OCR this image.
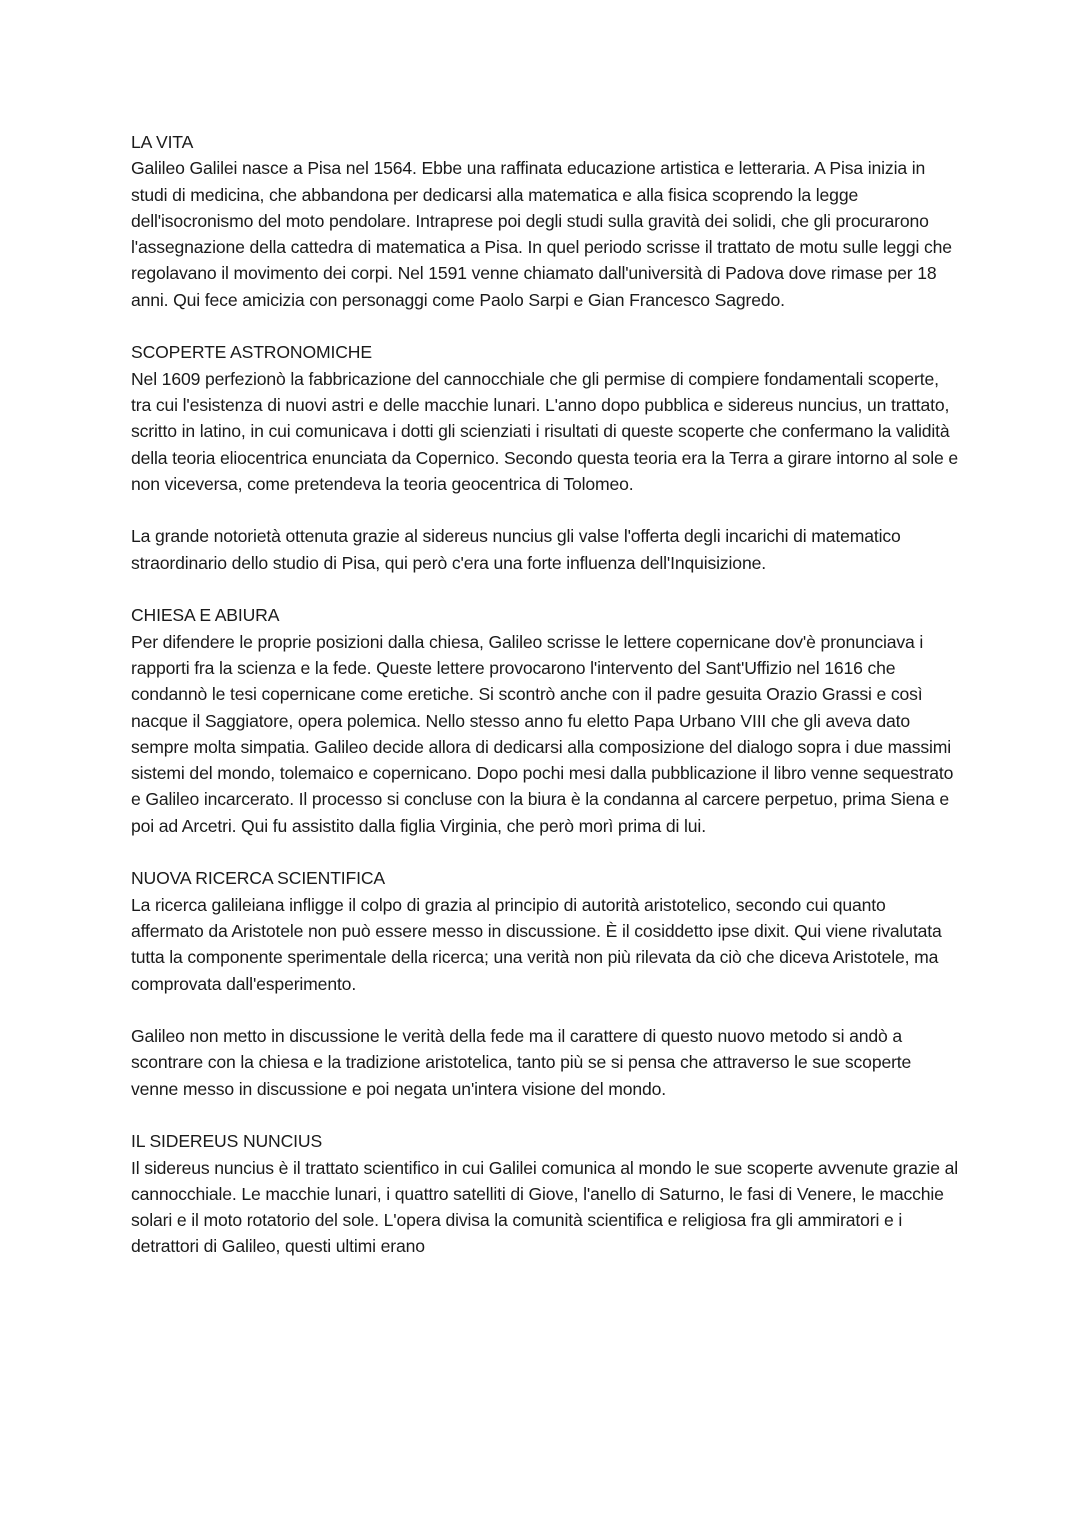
LA VITA

Galileo Galilei nasce a Pisa nel 1564. Ebbe una raffinata educazione artistica e letteraria. A Pisa inizia in studi di medicina, che abbandona per dedicarsi alla matematica e alla fisica scoprendo la legge dell'isocronismo del moto pendolare. Intraprese poi degli studi sulla gravità dei solidi, che gli procurarono l'assegnazione della cattedra di matematica a Pisa. In quel periodo scrisse il trattato de motu sulle leggi che regolavano il movimento dei corpi. Nel 1591 venne chiamato dall'università di Padova dove rimase per 18 anni. Qui fece amicizia con personaggi come Paolo Sarpi e Gian Francesco Sagredo.

SCOPERTE ASTRONOMICHE

Nel 1609 perfezionò la fabbricazione del cannocchiale che gli permise di compiere fondamentali scoperte, tra cui l'esistenza di nuovi astri e delle macchie lunari. L'anno dopo pubblica e sidereus nuncius, un trattato, scritto in latino, in cui comunicava i dotti gli scienziati i risultati di queste scoperte che confermano la validità della teoria eliocentrica enunciata da Copernico. Secondo questa teoria era la Terra a girare intorno al sole e non viceversa, come pretendeva la teoria geocentrica di Tolomeo.

La grande notorietà ottenuta grazie al sidereus nuncius gli valse l'offerta degli incarichi di matematico straordinario dello studio di Pisa, qui però c'era una forte influenza dell'Inquisizione.

CHIESA E ABIURA

Per difendere le proprie posizioni dalla chiesa, Galileo scrisse le lettere copernicane dov'è pronunciava i rapporti fra la scienza e la fede. Queste lettere provocarono l'intervento del Sant'Uffizio nel 1616 che condannò le tesi copernicane come eretiche. Si scontrò anche con il padre gesuita Orazio Grassi e così nacque il Saggiatore, opera polemica. Nello stesso anno fu eletto Papa Urbano VIII che gli aveva dato sempre molta simpatia. Galileo decide allora di dedicarsi alla composizione del dialogo sopra i due massimi sistemi del mondo, tolemaico e copernicano. Dopo pochi mesi dalla pubblicazione il libro venne sequestrato e Galileo incarcerato. Il processo si concluse con la biura è la condanna al carcere perpetuo, prima Siena e poi ad Arcetri. Qui fu assistito dalla figlia Virginia, che però morì prima di lui.

NUOVA RICERCA SCIENTIFICA

La ricerca galileiana infligge il colpo di grazia al principio di autorità aristotelico, secondo cui quanto affermato da Aristotele non può essere messo in discussione. È il cosiddetto ipse dixit. Qui viene rivalutata tutta la componente sperimentale della ricerca; una verità non più rilevata da ciò che diceva Aristotele, ma comprovata dall'esperimento.

Galileo non metto in discussione le verità della fede ma il carattere di questo nuovo metodo si andò a scontrare con la chiesa e la tradizione aristotelica, tanto più se si pensa che attraverso le sue scoperte venne messo in discussione e poi negata un'intera visione del mondo.

IL SIDEREUS NUNCIUS

Il sidereus nuncius è il trattato scientifico in cui Galilei comunica al mondo le sue scoperte avvenute grazie al cannocchiale. Le macchie lunari, i quattro satelliti di Giove, l'anello di Saturno, le fasi di Venere, le macchie solari e il moto rotatorio del sole. L'opera divisa la comunità scientifica e religiosa fra gli ammiratori e i detrattori di Galileo, questi ultimi erano
